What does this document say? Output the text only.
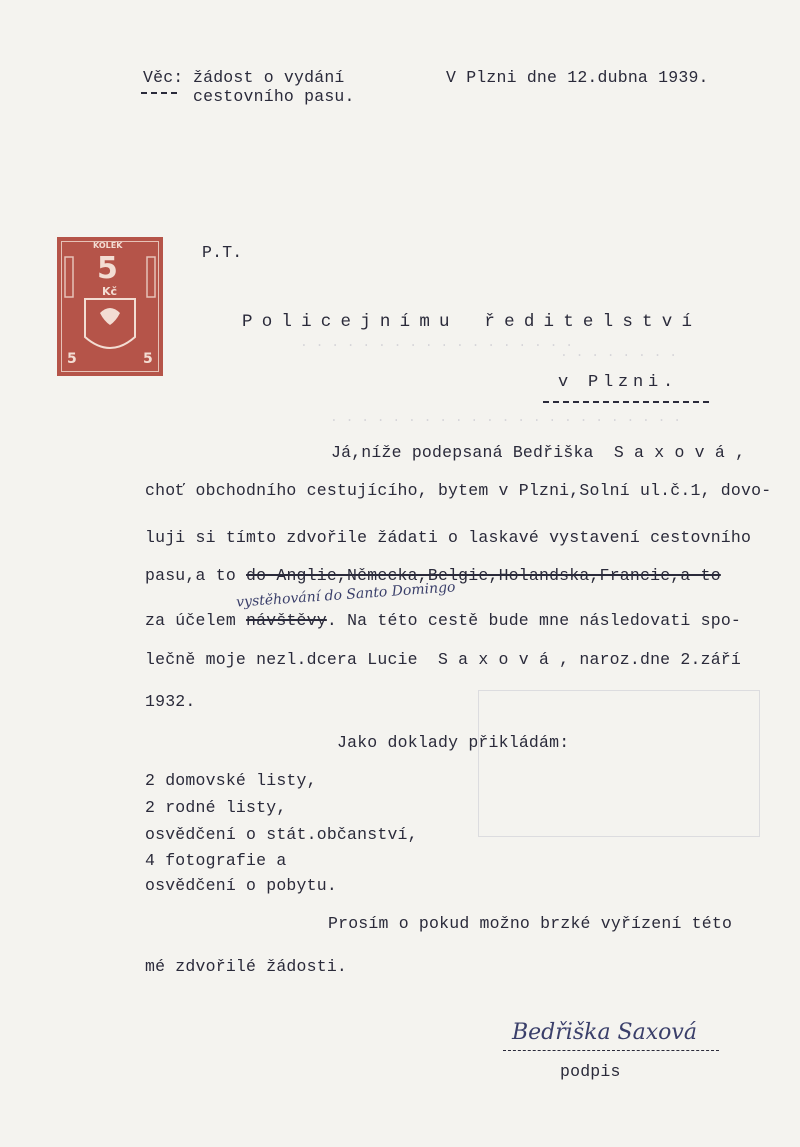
. . . . . . . . . . . . . . . . . .
. . . . . . . .
. . . . . . . . . . . . . . . . . . . . . . .
Věc: žádost o vydání
cestovního pasu.
V Plzni dne 12.dubna 1939.
KOLEK
5
Kč
5	5
P.T.
Policejnímu ředitelství
v Plzni.
Já,níže podepsaná Bedřiška  S a x o v á ,
choť obchodního cestujícího, bytem v Plzni,Solní ul.č.1, dovo-
luji si tímto zdvořile žádati o laskavé vystavení cestovního
pasu,a to do Anglie,Německa,Belgie,Holandska,Francie,a to
vystěhování do Santo Domingo
za účelem návštěvy. Na této cestě bude mne následovati spo-
lečně moje nezl.dcera Lucie  S a x o v á , naroz.dne 2.září
1932.
Jako doklady přikládám:
2 domovské listy,
2 rodné listy,
osvědčení o stát.občanství,
4 fotografie a
osvědčení o pobytu.
Prosím o pokud možno brzké vyřízení této
mé zdvořilé žádosti.
Bedřiška Saxová
podpis
